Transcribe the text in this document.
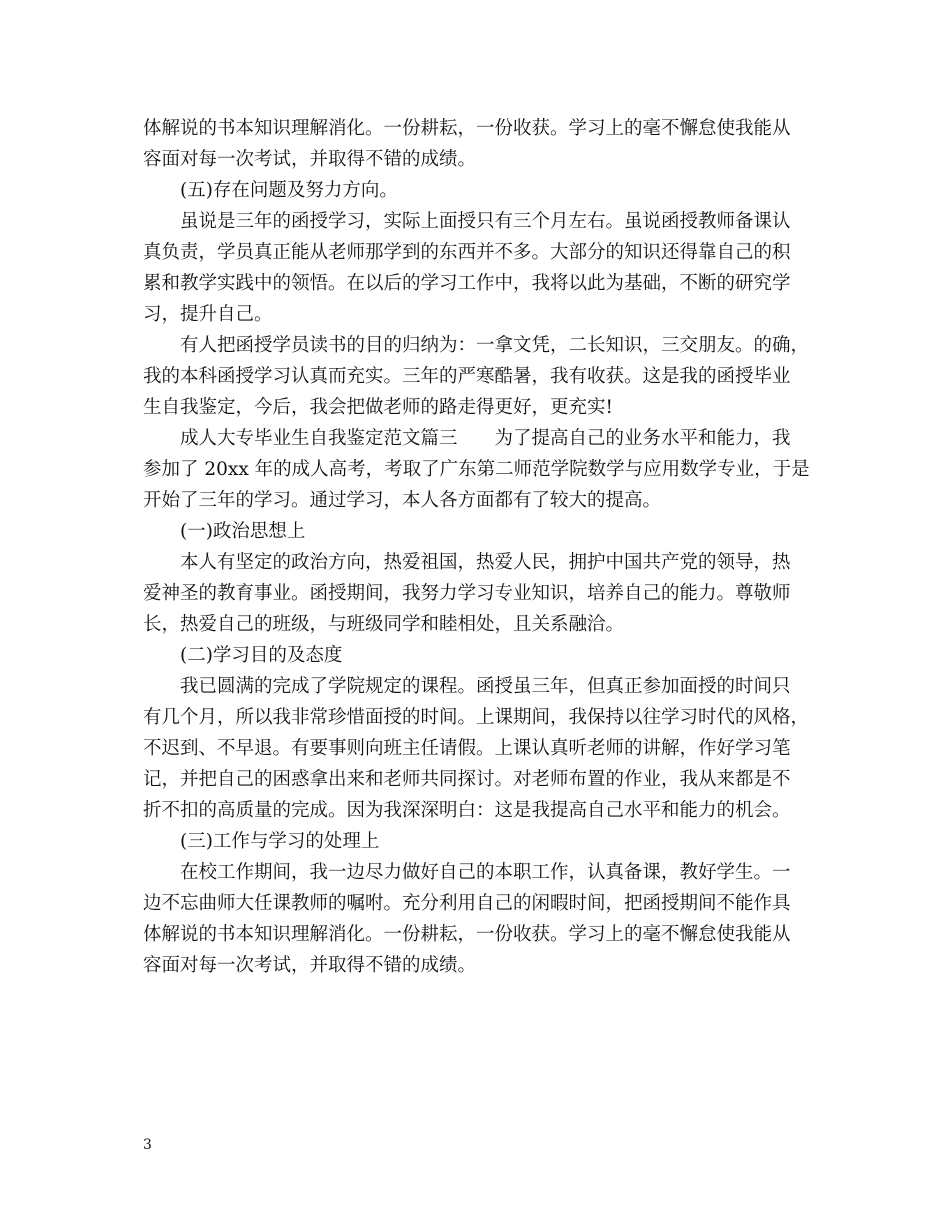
体解说的书本知识理解消化。一份耕耘，一份收获。学习上的毫不懈怠使我能从
容面对每一次考试，并取得不错的成绩。
(五)存在问题及努力方向。
虽说是三年的函授学习，实际上面授只有三个月左右。虽说函授教师备课认
真负责，学员真正能从老师那学到的东西并不多。大部分的知识还得靠自己的积
累和教学实践中的领悟。在以后的学习工作中，我将以此为基础，不断的研究学
习，提升自己。
有人把函授学员读书的目的归纳为：一拿文凭，二长知识，三交朋友。的确，
我的本科函授学习认真而充实。三年的严寒酷暑，我有收获。这是我的函授毕业
生自我鉴定，今后，我会把做老师的路走得更好，更充实!
成人大专毕业生自我鉴定范文篇三　　为了提高自己的业务水平和能力，我
参加了 20xx 年的成人高考，考取了广东第二师范学院数学与应用数学专业，于是
开始了三年的学习。通过学习，本人各方面都有了较大的提高。
(一)政治思想上
本人有坚定的政治方向，热爱祖国，热爱人民，拥护中国共产党的领导，热
爱神圣的教育事业。函授期间，我努力学习专业知识，培养自己的能力。尊敬师
长，热爱自己的班级，与班级同学和睦相处，且关系融洽。
(二)学习目的及态度
我已圆满的完成了学院规定的课程。函授虽三年，但真正参加面授的时间只
有几个月，所以我非常珍惜面授的时间。上课期间，我保持以往学习时代的风格，
不迟到、不早退。有要事则向班主任请假。上课认真听老师的讲解，作好学习笔
记，并把自己的困惑拿出来和老师共同探讨。对老师布置的作业，我从来都是不
折不扣的高质量的完成。因为我深深明白：这是我提高自己水平和能力的机会。
(三)工作与学习的处理上
在校工作期间，我一边尽力做好自己的本职工作，认真备课，教好学生。一
边不忘曲师大任课教师的嘱咐。充分利用自己的闲暇时间，把函授期间不能作具
体解说的书本知识理解消化。一份耕耘，一份收获。学习上的毫不懈怠使我能从
容面对每一次考试，并取得不错的成绩。
3
